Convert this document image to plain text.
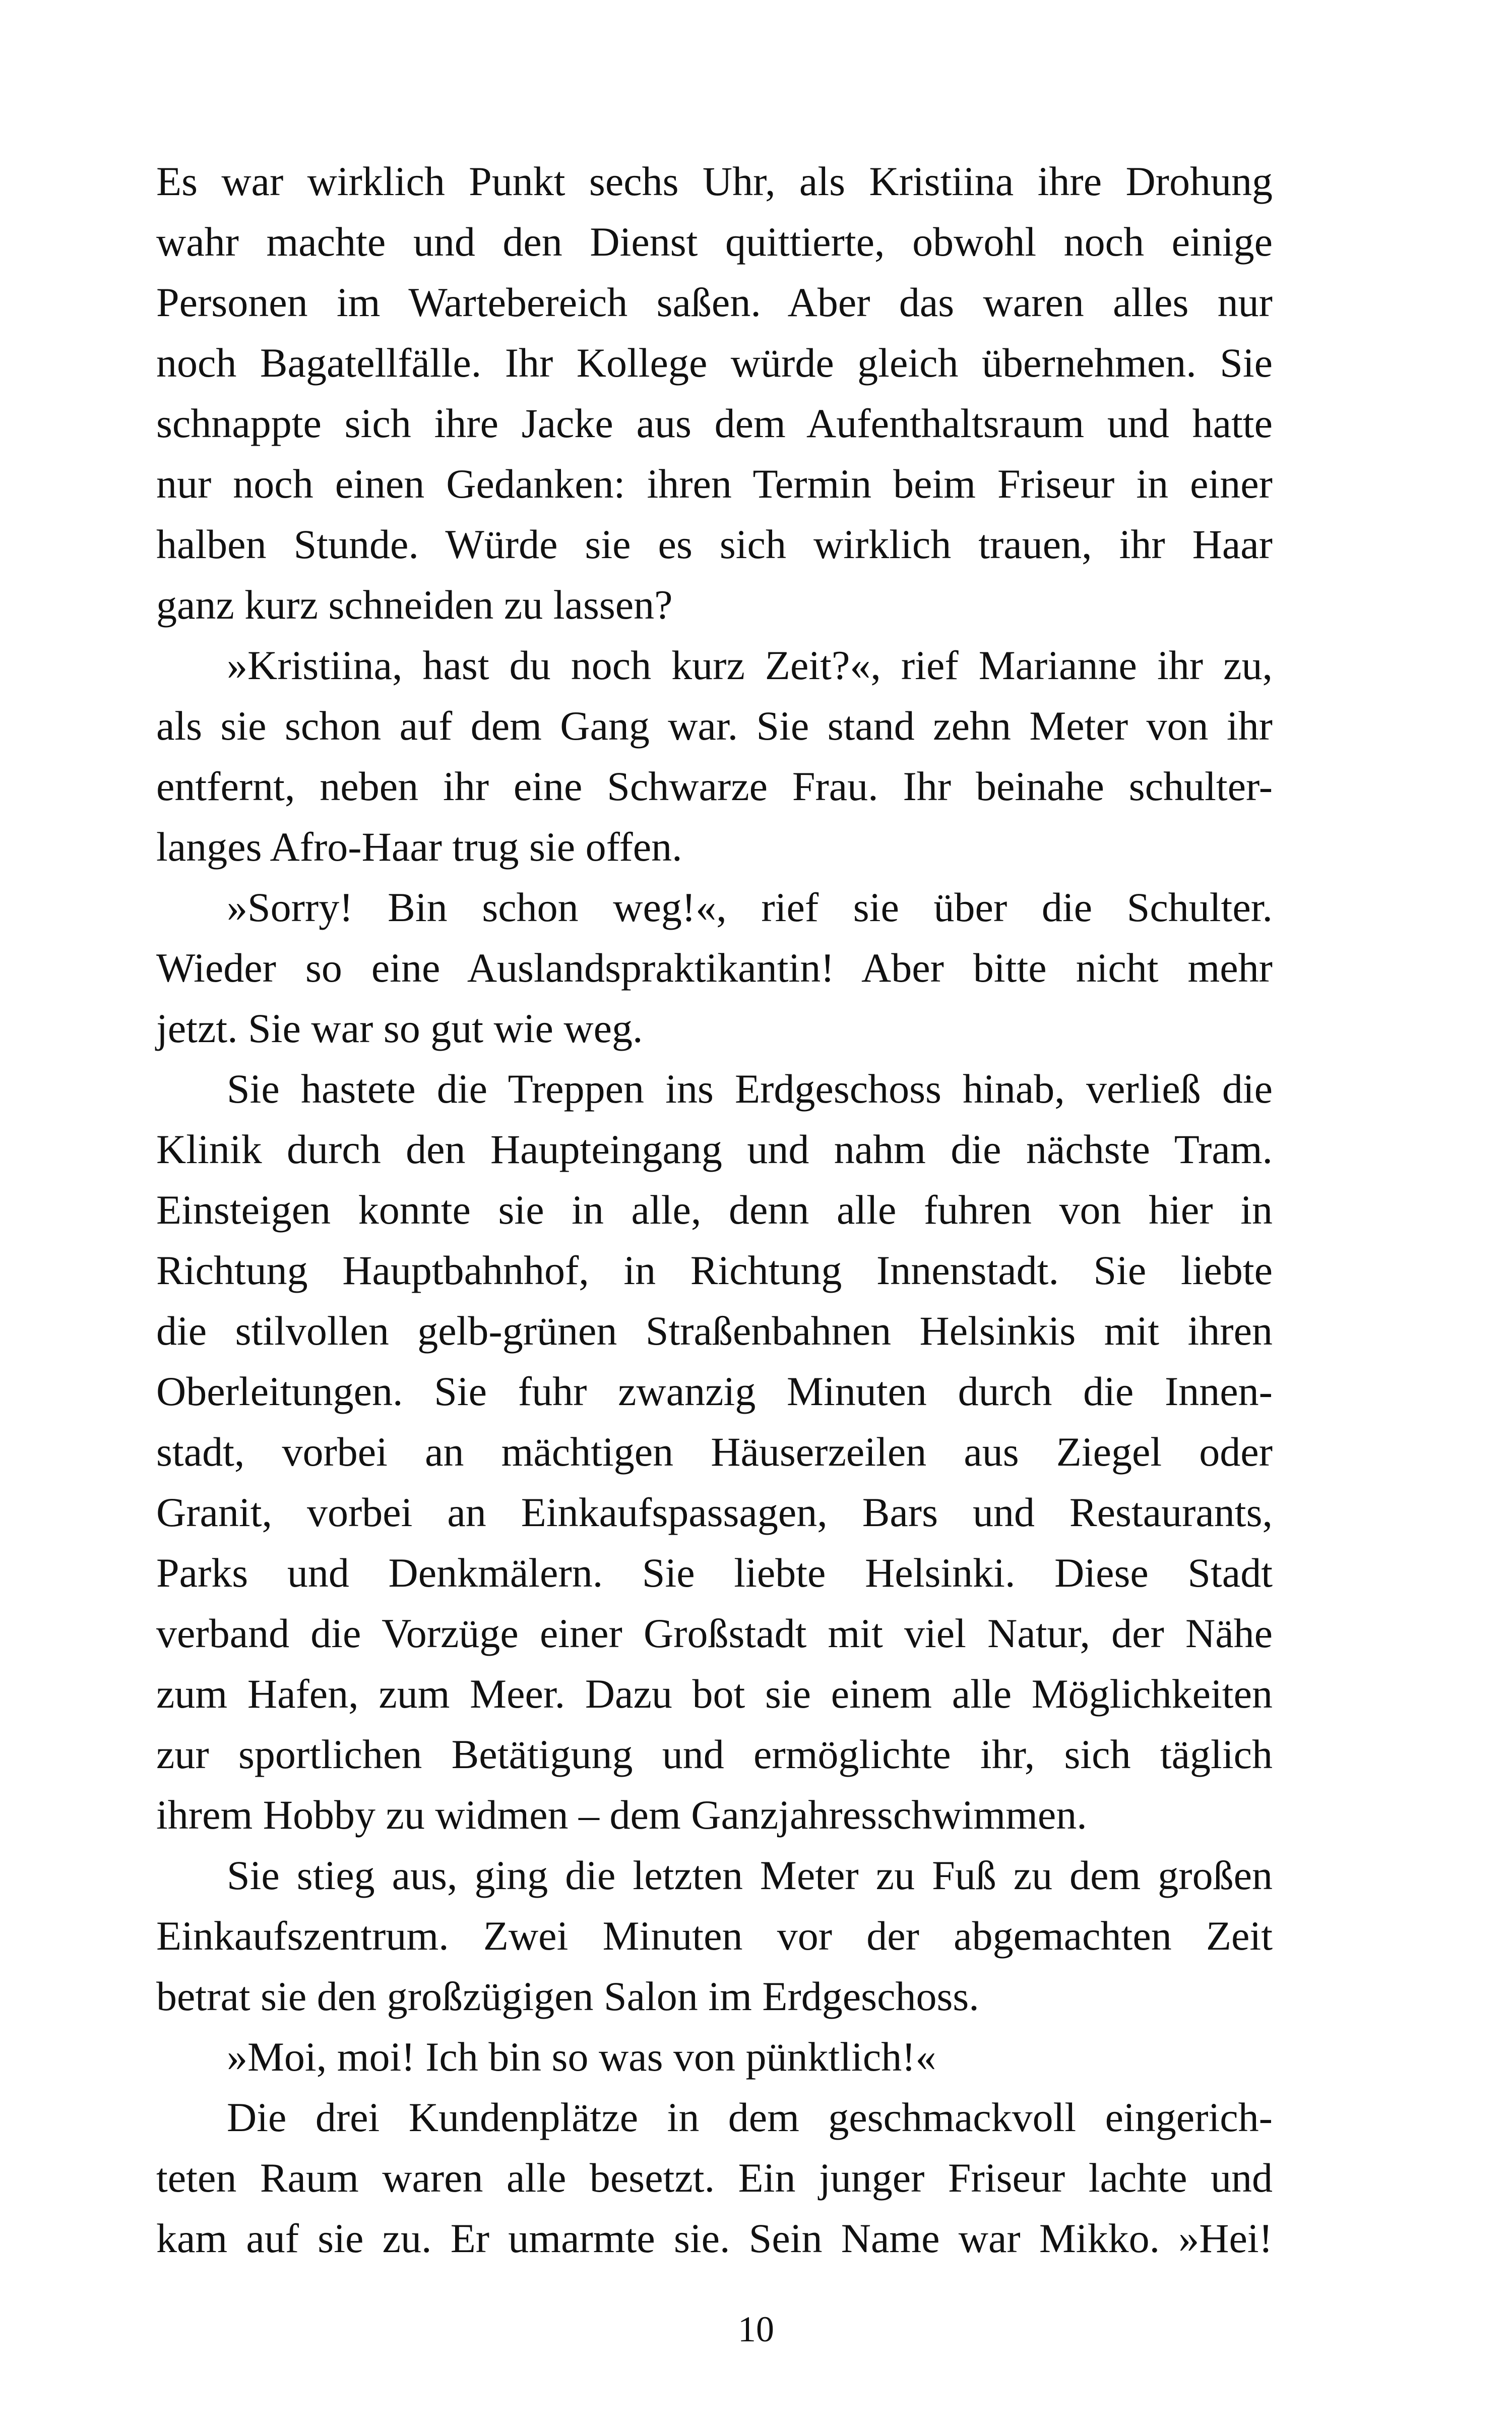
Es war wirklich Punkt sechs Uhr, als Kristiina ihre Drohung
wahr machte und den Dienst quittierte, obwohl noch einige
Personen im Wartebereich saßen. Aber das waren alles nur
noch Bagatellfälle. Ihr Kollege würde gleich übernehmen. Sie
schnappte sich ihre Jacke aus dem Aufenthaltsraum und hatte
nur noch einen Gedanken: ihren Termin beim Friseur in einer
halben Stunde. Würde sie es sich wirklich trauen, ihr Haar
ganz kurz schneiden zu lassen?
»Kristiina, hast du noch kurz Zeit?«, rief Marianne ihr zu,
als sie schon auf dem Gang war. Sie stand zehn Meter von ihr
entfernt, neben ihr eine Schwarze Frau. Ihr beinahe schulter-
langes Afro-Haar trug sie offen.
»Sorry! Bin schon weg!«, rief sie über die Schulter.
Wieder so eine Auslandspraktikantin! Aber bitte nicht mehr
jetzt. Sie war so gut wie weg.
Sie hastete die Treppen ins Erdgeschoss hinab, verließ die
Klinik durch den Haupteingang und nahm die nächste Tram.
Einsteigen konnte sie in alle, denn alle fuhren von hier in
Richtung Hauptbahnhof, in Richtung Innenstadt. Sie liebte
die stilvollen gelb-grünen Straßenbahnen Helsinkis mit ihren
Oberleitungen. Sie fuhr zwanzig Minuten durch die Innen-
stadt, vorbei an mächtigen Häuserzeilen aus Ziegel oder
Granit, vorbei an Einkaufspassagen, Bars und Restaurants,
Parks und Denkmälern. Sie liebte Helsinki. Diese Stadt
verband die Vorzüge einer Großstadt mit viel Natur, der Nähe
zum Hafen, zum Meer. Dazu bot sie einem alle Möglichkeiten
zur sportlichen Betätigung und ermöglichte ihr, sich täglich
ihrem Hobby zu widmen – dem Ganzjahresschwimmen.
Sie stieg aus, ging die letzten Meter zu Fuß zu dem großen
Einkaufszentrum. Zwei Minuten vor der abgemachten Zeit
betrat sie den großzügigen Salon im Erdgeschoss.
»Moi, moi! Ich bin so was von pünktlich!«
Die drei Kundenplätze in dem geschmackvoll eingerich-
teten Raum waren alle besetzt. Ein junger Friseur lachte und
kam auf sie zu. Er umarmte sie. Sein Name war Mikko. »Hei!
10
